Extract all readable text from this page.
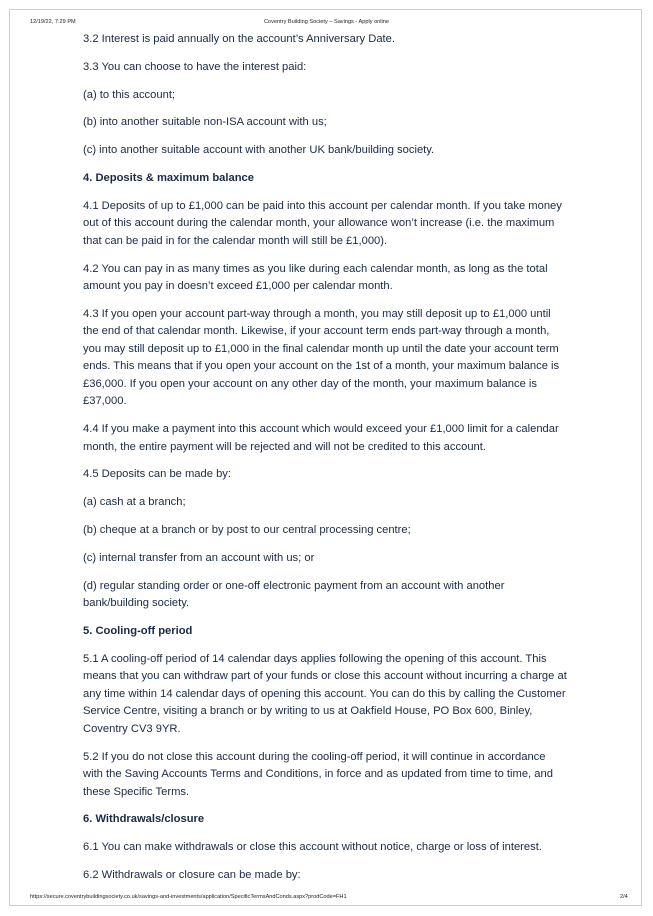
12/19/22, 7:29 PM	Coventry Building Society – Savings - Apply online

3.2 Interest is paid annually on the account’s Anniversary Date.

3.3 You can choose to have the interest paid:

(a) to this account;

(b) into another suitable non-ISA account with us;

(c) into another suitable account with another UK bank/building society.

4. Deposits & maximum balance

4.1 Deposits of up to £1,000 can be paid into this account per calendar month. If you take money
out of this account during the calendar month, your allowance won’t increase (i.e. the maximum
that can be paid in for the calendar month will still be £1,000).

4.2 You can pay in as many times as you like during each calendar month, as long as the total
amount you pay in doesn’t exceed £1,000 per calendar month.

4.3 If you open your account part-way through a month, you may still deposit up to £1,000 until
the end of that calendar month. Likewise, if your account term ends part-way through a month,
you may still deposit up to £1,000 in the final calendar month up until the date your account term
ends. This means that if you open your account on the 1st of a month, your maximum balance is
£36,000. If you open your account on any other day of the month, your maximum balance is
£37,000.

4.4 If you make a payment into this account which would exceed your £1,000 limit for a calendar
month, the entire payment will be rejected and will not be credited to this account.

4.5 Deposits can be made by:

(a) cash at a branch;

(b) cheque at a branch or by post to our central processing centre;

(c) internal transfer from an account with us; or

(d) regular standing order or one-off electronic payment from an account with another
bank/building society.

5. Cooling-off period

5.1 A cooling-off period of 14 calendar days applies following the opening of this account. This
means that you can withdraw part of your funds or close this account without incurring a charge at
any time within 14 calendar days of opening this account. You can do this by calling the Customer
Service Centre, visiting a branch or by writing to us at Oakfield House, PO Box 600, Binley,
Coventry CV3 9YR.

5.2 If you do not close this account during the cooling-off period, it will continue in accordance
with the Saving Accounts Terms and Conditions, in force and as updated from time to time, and
these Specific Terms.

6. Withdrawals/closure

6.1 You can make withdrawals or close this account without notice, charge or loss of interest.

6.2 Withdrawals or closure can be made by:

https://secure.coventrybuildingsociety.co.uk/savings-and-investments/application/SpecificTermsAndConds.aspx?prodCode=FH1	2/4
